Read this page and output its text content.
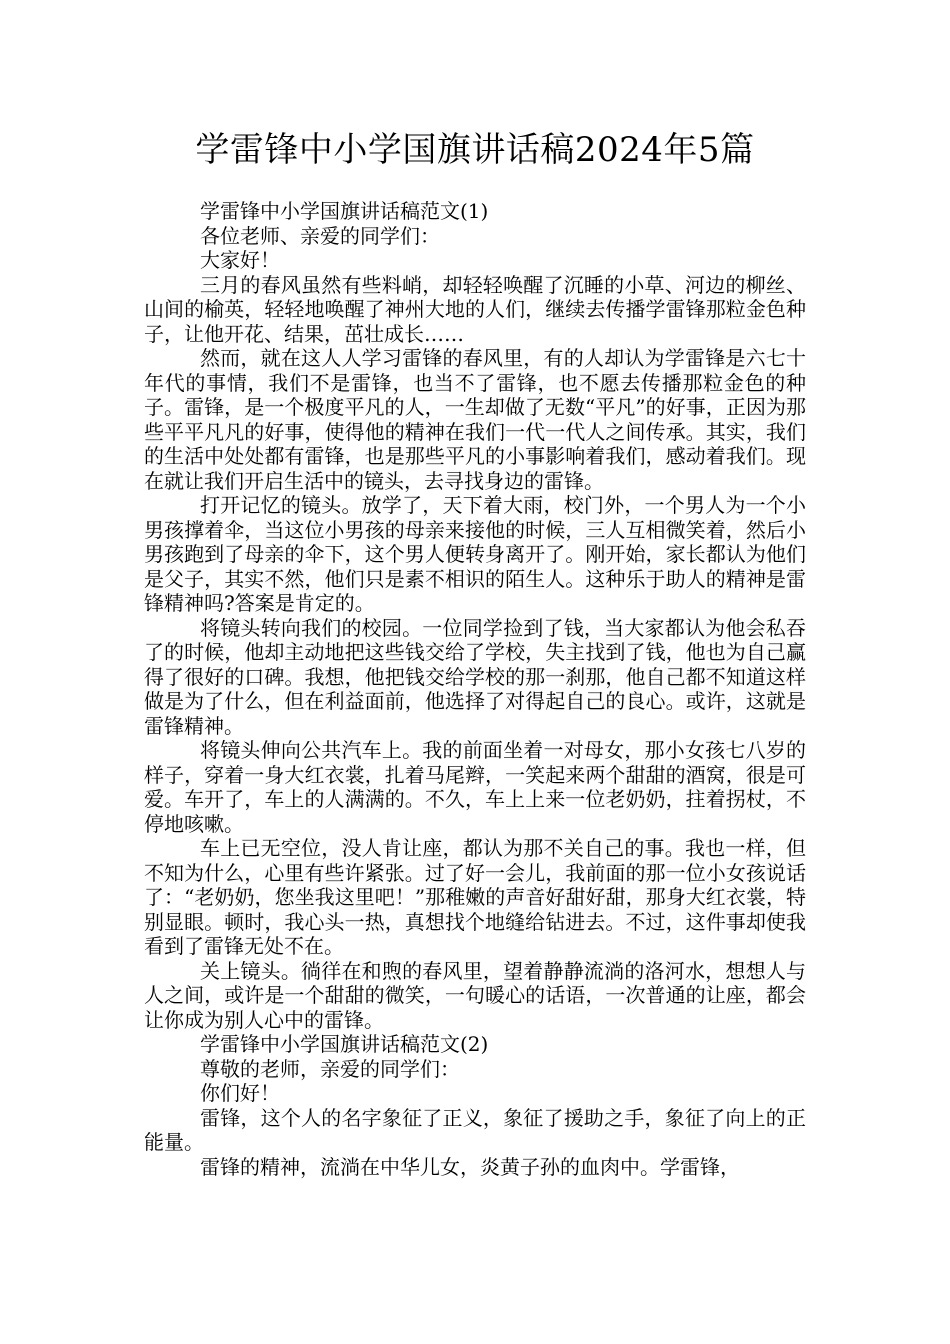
学雷锋中小学国旗讲话稿2024年5篇

学雷锋中小学国旗讲话稿范文(1)

各位老师、亲爱的同学们：

大家好！

三月的春风虽然有些料峭，却轻轻唤醒了沉睡的小草、河边的柳丝、山间的榆英，轻轻地唤醒了神州大地的人们，继续去传播学雷锋那粒金色种子，让他开花、结果，茁壮成长……

然而，就在这人人学习雷锋的春风里，有的人却认为学雷锋是六七十年代的事情，我们不是雷锋，也当不了雷锋，也不愿去传播那粒金色的种子。雷锋，是一个极度平凡的人，一生却做了无数“平凡”的好事，正因为那些平平凡凡的好事，使得他的精神在我们一代一代人之间传承。其实，我们的生活中处处都有雷锋，也是那些平凡的小事影响着我们，感动着我们。现在就让我们开启生活中的镜头，去寻找身边的雷锋。

打开记忆的镜头。放学了，天下着大雨，校门外，一个男人为一个小男孩撑着伞，当这位小男孩的母亲来接他的时候，三人互相微笑着，然后小男孩跑到了母亲的伞下，这个男人便转身离开了。刚开始，家长都认为他们是父子，其实不然，他们只是素不相识的陌生人。这种乐于助人的精神是雷锋精神吗?答案是肯定的。

将镜头转向我们的校园。一位同学捡到了钱，当大家都认为他会私吞了的时候，他却主动地把这些钱交给了学校，失主找到了钱，他也为自己赢得了很好的口碑。我想，他把钱交给学校的那一刹那，他自己都不知道这样做是为了什么，但在利益面前，他选择了对得起自己的良心。或许，这就是雷锋精神。

将镜头伸向公共汽车上。我的前面坐着一对母女，那小女孩七八岁的样子，穿着一身大红衣裳，扎着马尾辫，一笑起来两个甜甜的酒窝，很是可爱。车开了，车上的人满满的。不久，车上上来一位老奶奶，拄着拐杖，不停地咳嗽。

车上已无空位，没人肯让座，都认为那不关自己的事。我也一样，但不知为什么，心里有些许紧张。过了好一会儿，我前面的那一位小女孩说话了：“老奶奶，您坐我这里吧！”那稚嫩的声音好甜好甜，那身大红衣裳，特别显眼。顿时，我心头一热，真想找个地缝给钻进去。不过，这件事却使我看到了雷锋无处不在。

关上镜头。徜徉在和煦的春风里，望着静静流淌的洛河水，想想人与人之间，或许是一个甜甜的微笑，一句暖心的话语，一次普通的让座，都会让你成为别人心中的雷锋。

学雷锋中小学国旗讲话稿范文(2)

尊敬的老师，亲爱的同学们：

你们好！

雷锋，这个人的名字象征了正义，象征了援助之手，象征了向上的正能量。

雷锋的精神，流淌在中华儿女，炎黄子孙的血肉中。学雷锋，
